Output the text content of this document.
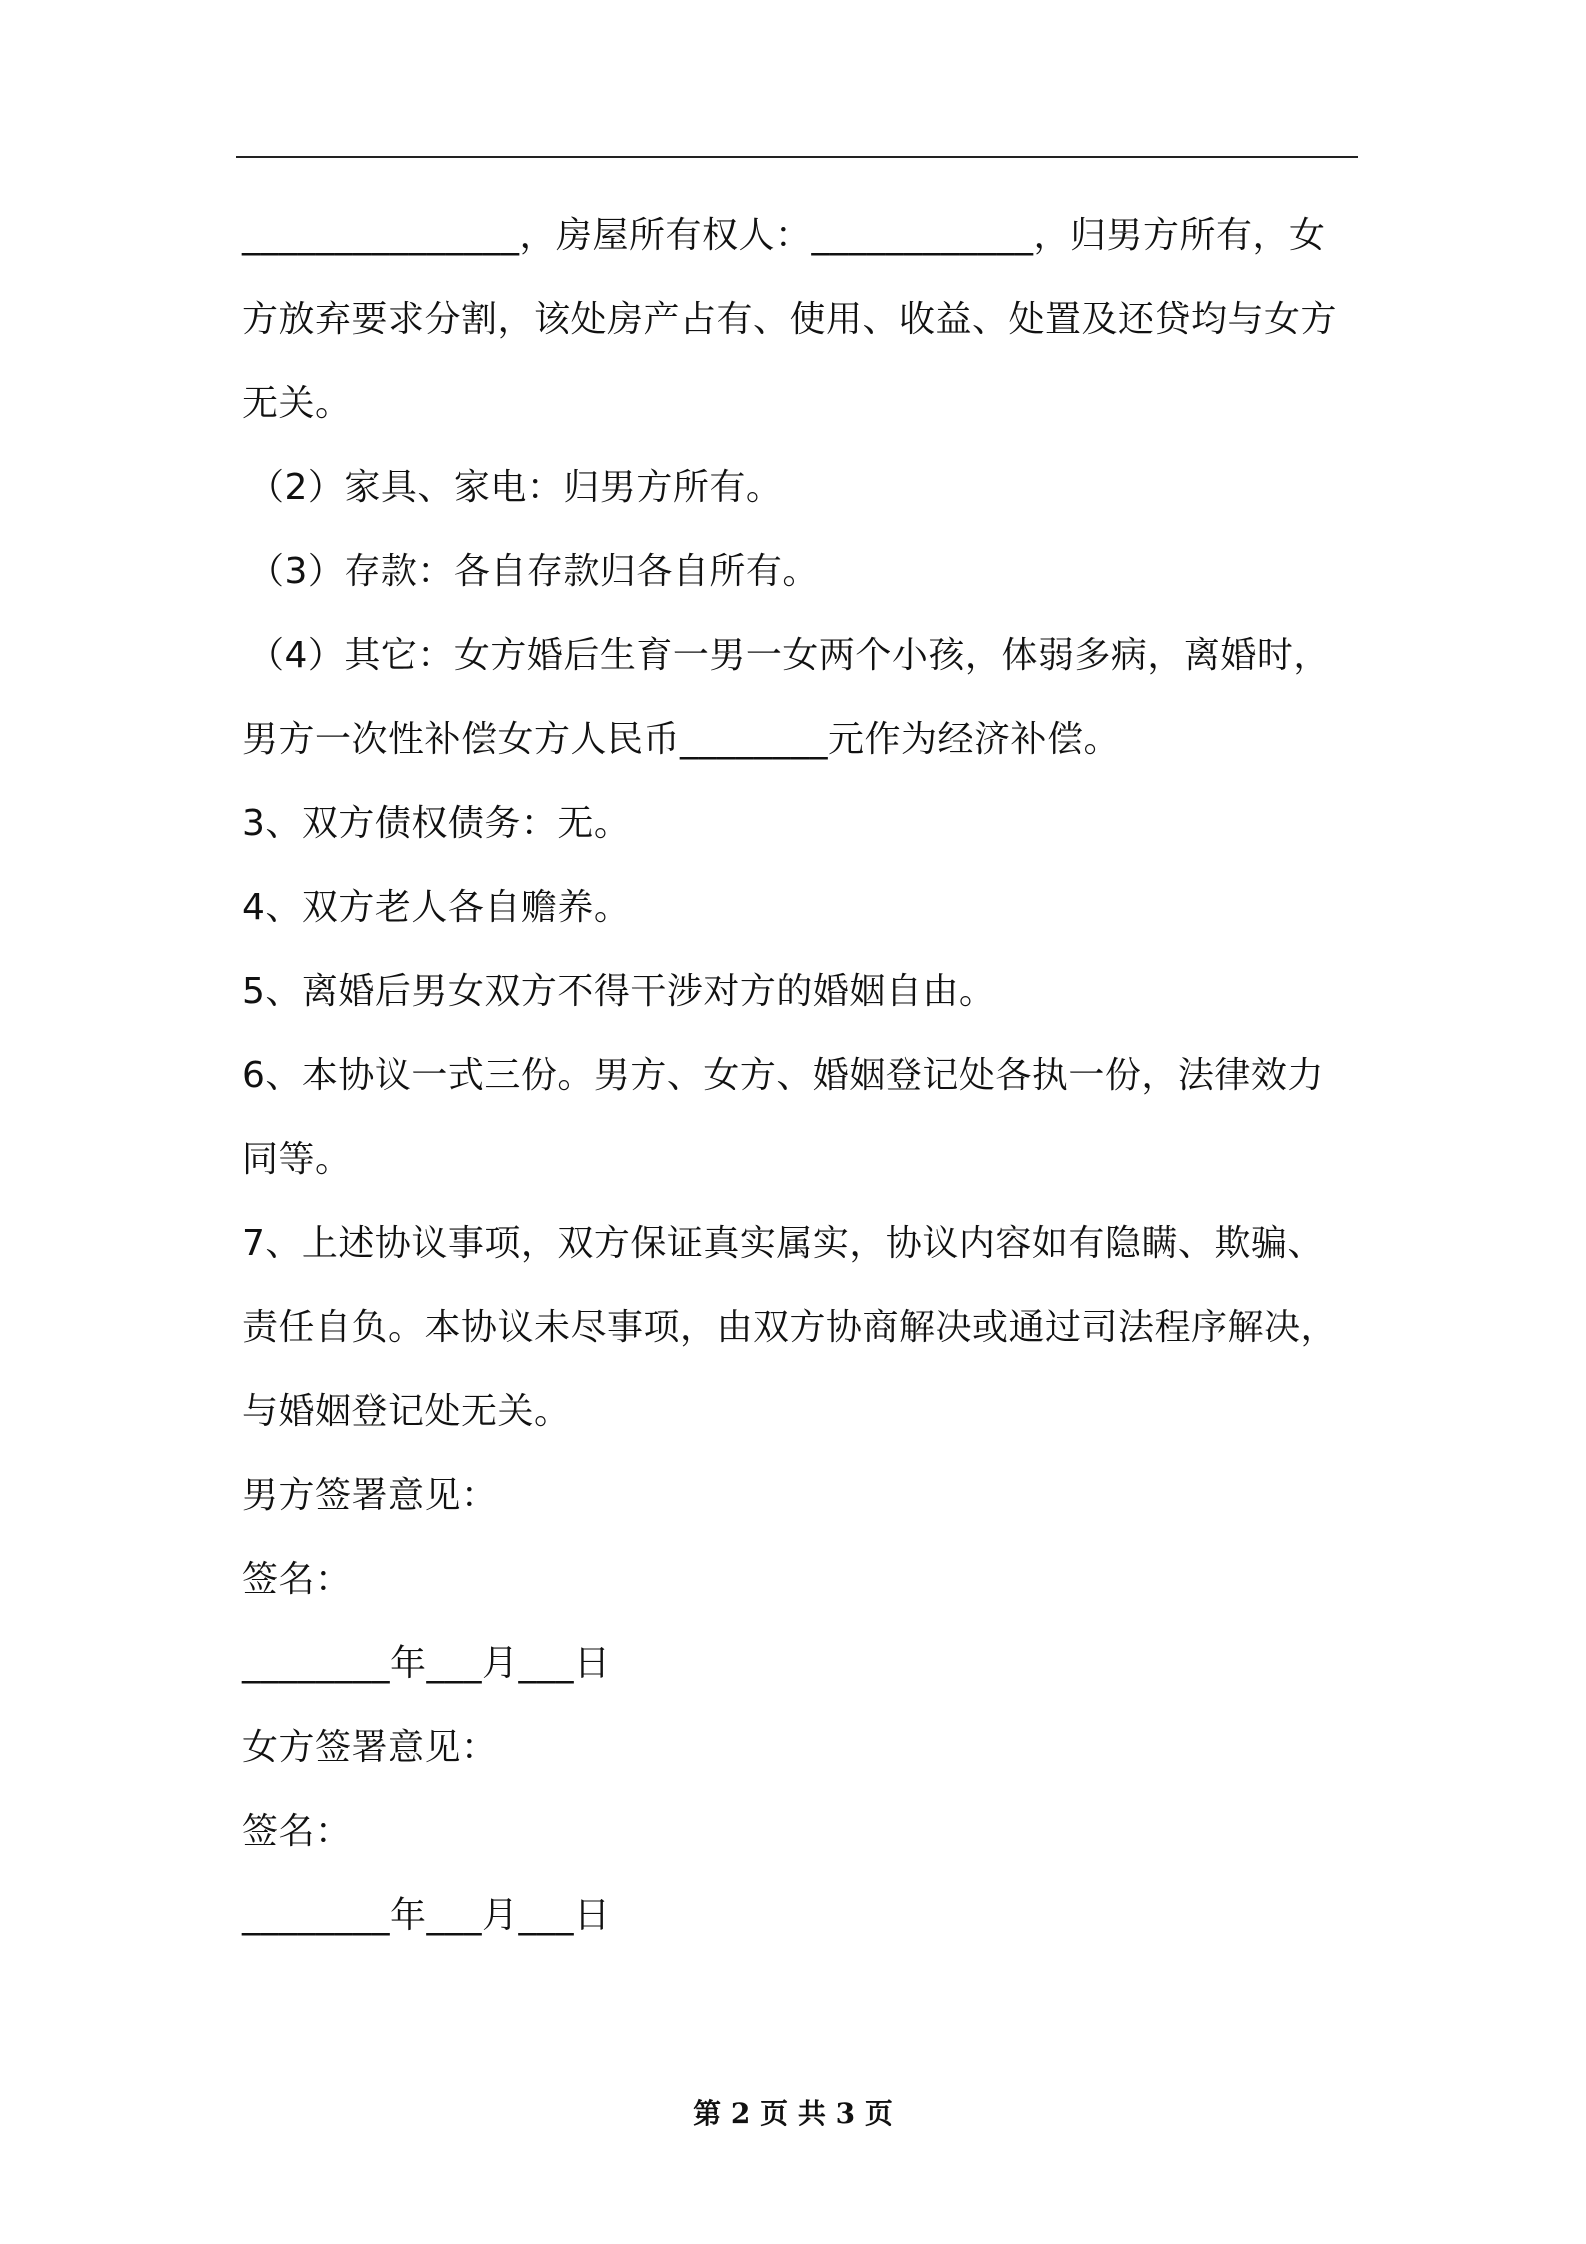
_______________，房屋所有权人：____________，归男方所有，女

方放弃要求分割，该处房产占有、使用、收益、处置及还贷均与女方

无关。

（2）家具、家电：归男方所有。

（3）存款：各自存款归各自所有。

（4）其它：女方婚后生育一男一女两个小孩，体弱多病，离婚时，

男方一次性补偿女方人民币________元作为经济补偿。

3、双方债权债务：无。

4、双方老人各自赡养。

5、离婚后男女双方不得干涉对方的婚姻自由。

6、本协议一式三份。男方、女方、婚姻登记处各执一份，法律效力

同等。

7、上述协议事项，双方保证真实属实，协议内容如有隐瞒、欺骗、

责任自负。本协议未尽事项，由双方协商解决或通过司法程序解决，

与婚姻登记处无关。

男方签署意见：

签名：

________年___月___日

女方签署意见：

签名：

________年___月___日

第 2 页 共 3 页
